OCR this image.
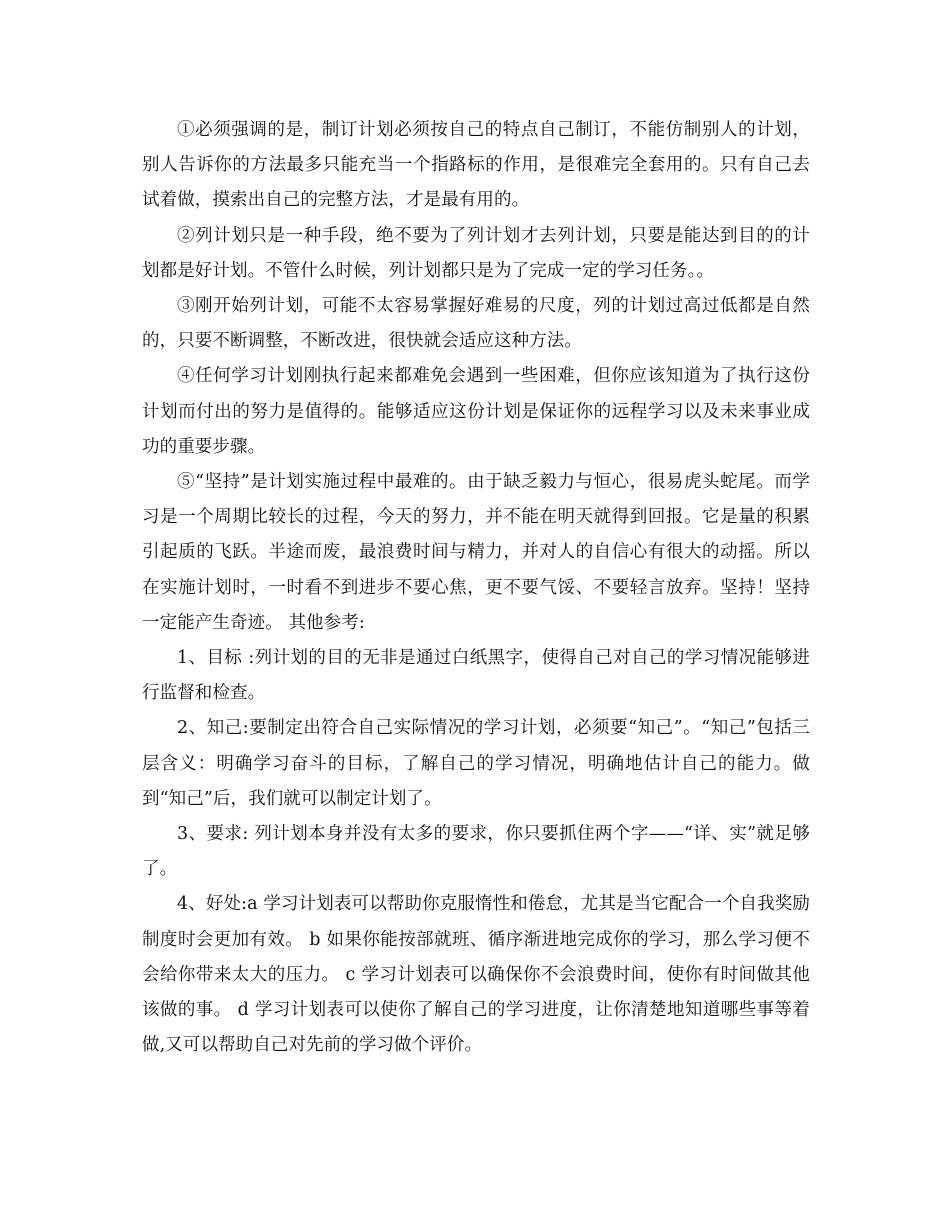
①必须强调的是，制订计划必须按自己的特点自己制订，不能仿制别人的计划，别人告诉你的方法最多只能充当一个指路标的作用，是很难完全套用的。只有自己去试着做，摸索出自己的完整方法，才是最有用的。

②列计划只是一种手段，绝不要为了列计划才去列计划，只要是能达到目的的计划都是好计划。不管什么时候，列计划都只是为了完成一定的学习任务。。

③刚开始列计划，可能不太容易掌握好难易的尺度，列的计划过高过低都是自然的，只要不断调整，不断改进，很快就会适应这种方法。

④任何学习计划刚执行起来都难免会遇到一些困难，但你应该知道为了执行这份计划而付出的努力是值得的。能够适应这份计划是保证你的远程学习以及未来事业成功的重要步骤。

⑤“坚持”是计划实施过程中最难的。由于缺乏毅力与恒心，很易虎头蛇尾。而学习是一个周期比较长的过程，今天的努力，并不能在明天就得到回报。它是量的积累引起质的飞跃。半途而废，最浪费时间与精力，并对人的自信心有很大的动摇。所以在实施计划时，一时看不到进步不要心焦，更不要气馁、不要轻言放弃。坚持！坚持一定能产生奇迹。 其他参考:

1、目标 :列计划的目的无非是通过白纸黑字，使得自己对自己的学习情况能够进行监督和检查。

2、知己:要制定出符合自己实际情况的学习计划，必须要“知己”。“知己”包括三层含义：明确学习奋斗的目标，了解自己的学习情况，明确地估计自己的能力。做到“知己”后，我们就可以制定计划了。

3、要求: 列计划本身并没有太多的要求，你只要抓住两个字——“详、实”就足够了。

4、好处:a 学习计划表可以帮助你克服惰性和倦怠，尤其是当它配合一个自我奖励制度时会更加有效。 b 如果你能按部就班、循序渐进地完成你的学习，那么学习便不会给你带来太大的压力。 c 学习计划表可以确保你不会浪费时间，使你有时间做其他该做的事。 d 学习计划表可以使你了解自己的学习进度，让你清楚地知道哪些事等着做,又可以帮助自己对先前的学习做个评价。
